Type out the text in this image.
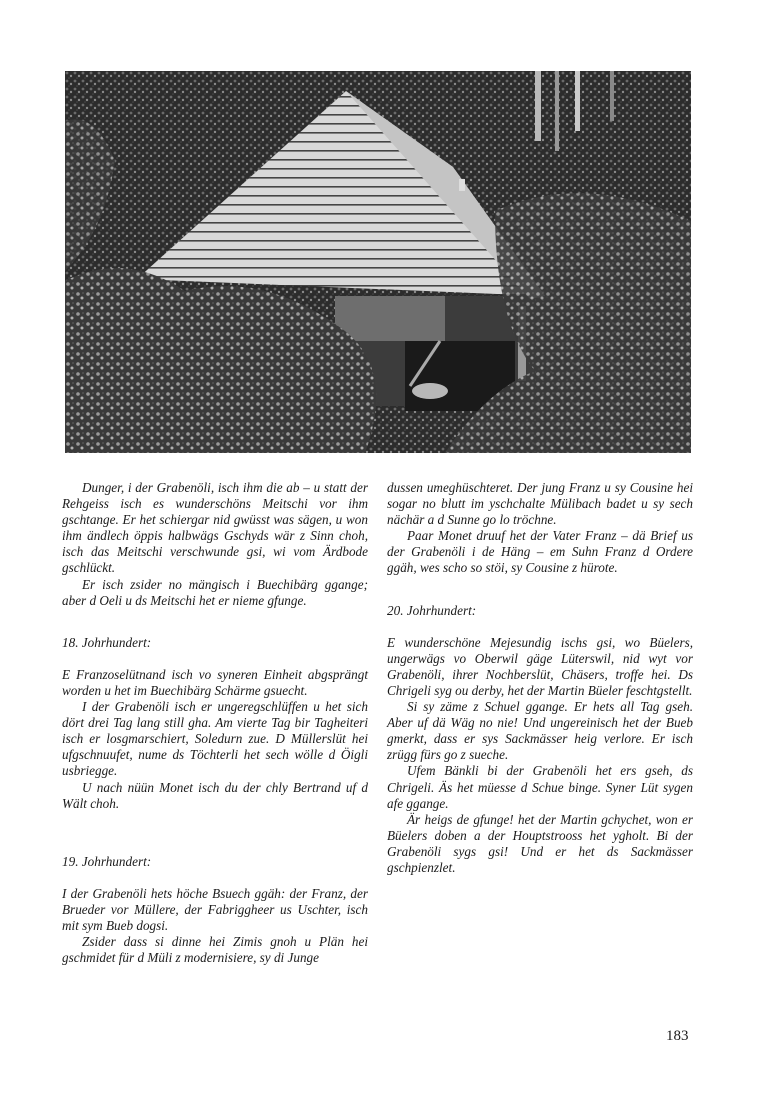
Dunger, i der Grabenöli, isch ihm die ab – u statt der Rehgeiss isch es wunderschöns Meitschi vor ihm gschtange. Er het schiergar nid gwüsst was sägen, u won ihm ändlech öppis halbwägs Gschyds wär z Sinn choh, isch das Meitschi verschwunde gsi, wi vom Ärdbode gschlückt.

Er isch zsider no mängisch i Buechibärg ggange; aber d Oeli u ds Meitschi het er nieme gfunge.

18. Johrhundert:

E Franzoselütnand isch vo syneren Einheit abgsprängt worden u het im Buechibärg Schärme gsuecht.

I der Grabenöli isch er ungeregschlüffen u het sich dört drei Tag lang still gha. Am vierte Tag bir Tagheiteri isch er losgmarschiert, Soledurn zue. D Müllerslüt hei ufgschnuufet, nume ds Töchterli het sech wölle d Öigli usbriegge.

U nach nüün Monet isch du der chly Bertrand uf d Wält choh.

19. Johrhundert:

I der Grabenöli hets höche Bsuech ggäh: der Franz, der Brueder vor Müllere, der Fabriggheer us Uschter, isch mit sym Bueb dogsi.

Zsider dass si dinne hei Zimis gnoh u Plän hei gschmidet für d Müli z modernisiere, sy di Junge

dussen umeghüschteret. Der jung Franz u sy Cousine hei sogar no blutt im yschchalte Mülibach badet u sy sech nächär a d Sunne go lo tröchne.

Paar Monet druuf het der Vater Franz – dä Brief us der Grabenöli i de Häng – em Suhn Franz d Ordere ggäh, wes scho so stöi, sy Cousine z hürote.

20. Johrhundert:

E wunderschöne Mejesundig ischs gsi, wo Büelers, ungerwägs vo Oberwil gäge Lüterswil, nid wyt vor Grabenöli, ihrer Nochberslüt, Chäsers, troffe hei. Ds Chrigeli syg ou derby, het der Martin Büeler feschtgstellt.

Si sy zäme z Schuel ggange. Er hets all Tag gseh. Aber uf dä Wäg no nie! Und ungereinisch het der Bueb gmerkt, dass er sys Sackmässer heig verlore. Er isch zrügg fürs go z sueche.

Ufem Bänkli bi der Grabenöli het ers gseh, ds Chrigeli. Äs het müesse d Schue binge. Syner Lüt sygen afe ggange.

Är heigs de gfunge! het der Martin gchychet, won er Büelers doben a der Houptstrooss het ygholt. Bi der Grabenöli sygs gsi! Und er het ds Sackmässer gschpienzlet.

183
